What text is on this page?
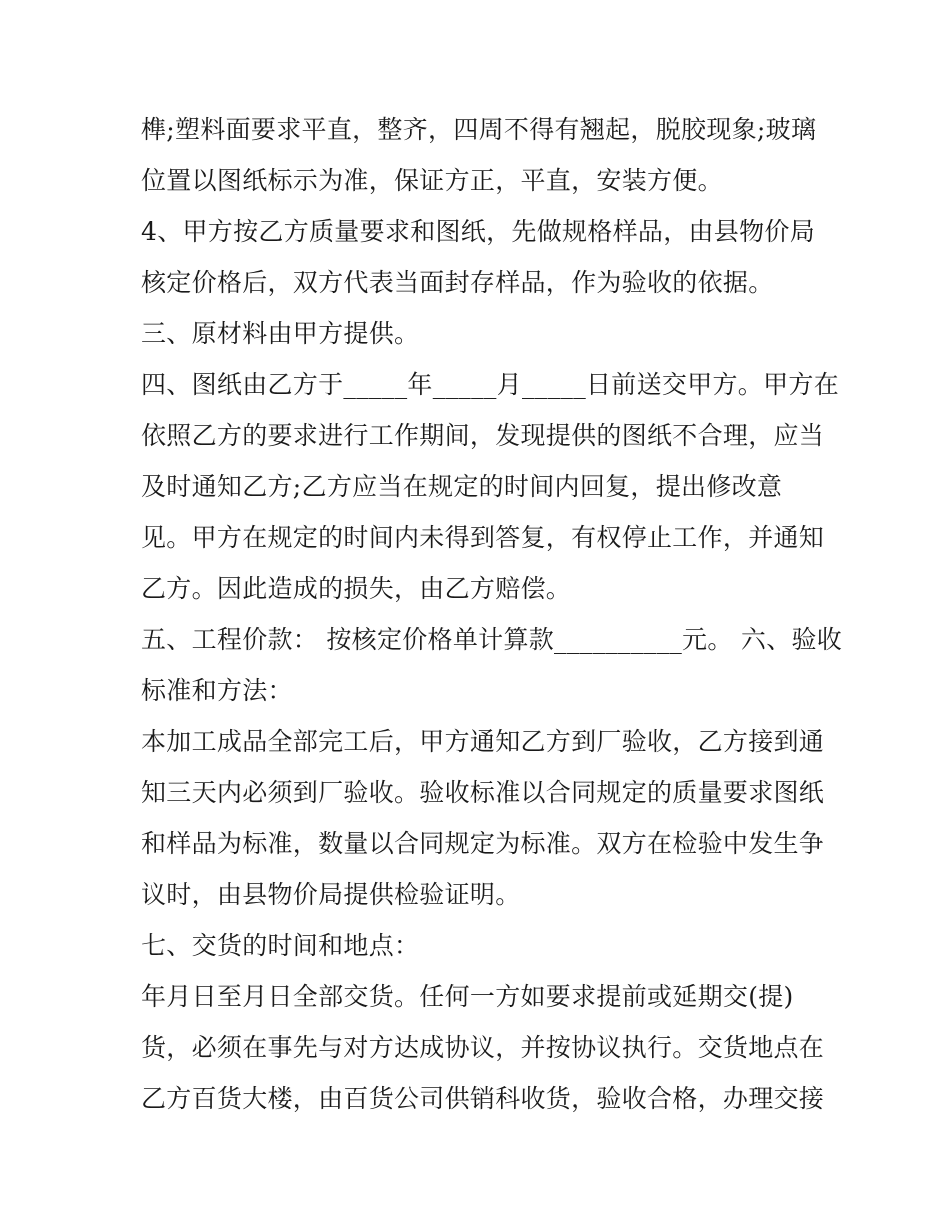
榫;塑料面要求平直，整齐，四周不得有翘起，脱胶现象;玻璃
位置以图纸标示为准，保证方正，平直，安装方便。
4、甲方按乙方质量要求和图纸，先做规格样品，由县物价局
核定价格后，双方代表当面封存样品，作为验收的依据。
三、原材料由甲方提供。
四、图纸由乙方于_____年_____月_____日前送交甲方。甲方在
依照乙方的要求进行工作期间，发现提供的图纸不合理，应当
及时通知乙方;乙方应当在规定的时间内回复，提出修改意
见。甲方在规定的时间内未得到答复，有权停止工作，并通知
乙方。因此造成的损失，由乙方赔偿。
五、工程价款： 按核定价格单计算款__________元。 六、验收
标准和方法：
本加工成品全部完工后，甲方通知乙方到厂验收，乙方接到通
知三天内必须到厂验收。验收标准以合同规定的质量要求图纸
和样品为标准，数量以合同规定为标准。双方在检验中发生争
议时，由县物价局提供检验证明。
七、交货的时间和地点：
年月日至月日全部交货。任何一方如要求提前或延期交(提)
货，必须在事先与对方达成协议，并按协议执行。交货地点在
乙方百货大楼，由百货公司供销科收货，验收合格，办理交接
